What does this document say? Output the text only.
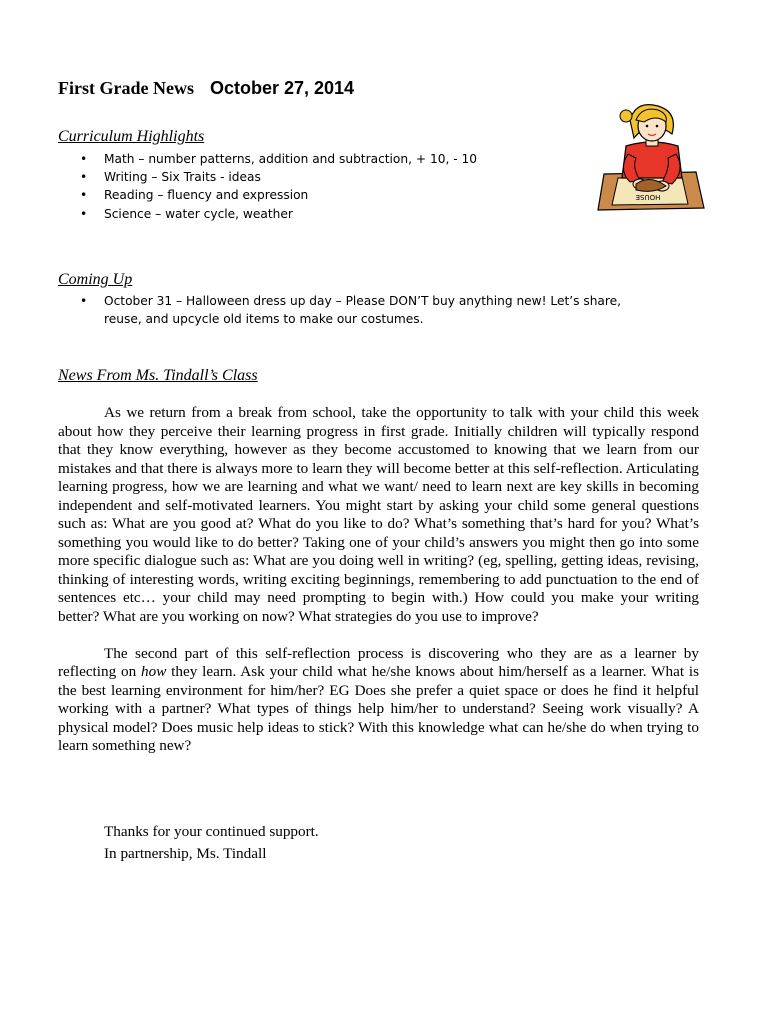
First Grade News October 27, 2014
Curriculum Highlights
• Math – number patterns, addition and subtraction, + 10, - 10
• Writing – Six Traits - ideas
• Reading – fluency and expression
• Science – water cycle, weather
Coming Up
• October 31 – Halloween dress up day – Please DON’T buy anything new! Let’s share, reuse, and upcycle old items to make our costumes.
News From Ms. Tindall’s Class

As we return from a break from school, take the opportunity to talk with your child this week about how they perceive their learning progress in first grade. Initially children will typically respond that they know everything, however as they become accustomed to knowing that we learn from our mistakes and that there is always more to learn they will become better at this self-reflection. Articulating learning progress, how we are learning and what we want/ need to learn next are key skills in becoming independent and self-motivated learners. You might start by asking your child some general questions such as: What are you good at? What do you like to do? What’s something that’s hard for you? What’s something you would like to do better? Taking one of your child’s answers you might then go into some more specific dialogue such as: What are you doing well in writing? (eg, spelling, getting ideas, revising, thinking of interesting words, writing exciting beginnings, remembering to add punctuation to the end of sentences etc… your child may need prompting to begin with.) How could you make your writing better? What are you working on now? What strategies do you use to improve?

The second part of this self-reflection process is discovering who they are as a learner by reflecting on how they learn. Ask your child what he/she knows about him/herself as a learner. What is the best learning environment for him/her? EG Does she prefer a quiet space or does he find it helpful working with a partner? What types of things help him/her to understand? Seeing work visually? A physical model? Does music help ideas to stick? With this knowledge what can he/she do when trying to learn something new?

Thanks for your continued support.
In partnership, Ms. Tindall
HOUSE
